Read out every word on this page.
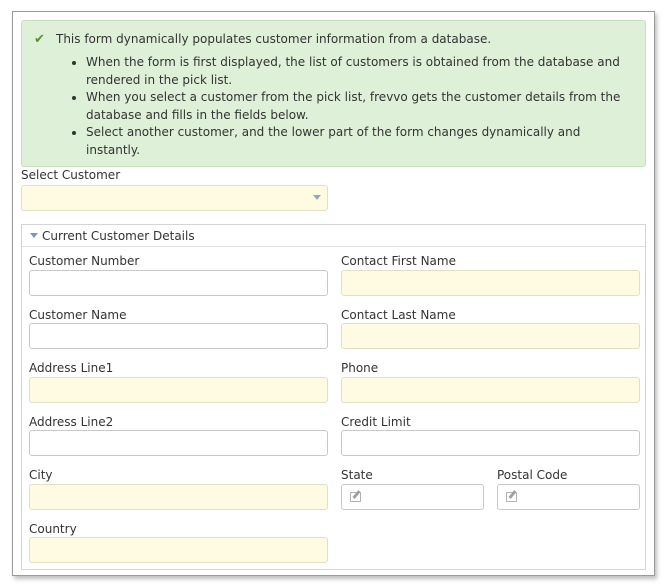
✔ This form dynamically populates customer information from a database.
• When the form is first displayed, the list of customers is obtained from the database and rendered in the pick list.
• When you select a customer from the pick list, frevvo gets the customer details from the database and fills in the fields below.
• Select another customer, and the lower part of the form changes dynamically and instantly.
Select Customer
Current Customer Details
Customer Number	Contact First Name
Customer Name	Contact Last Name
Address Line1	Phone
Address Line2	Credit Limit
City	State	Postal Code
Country
